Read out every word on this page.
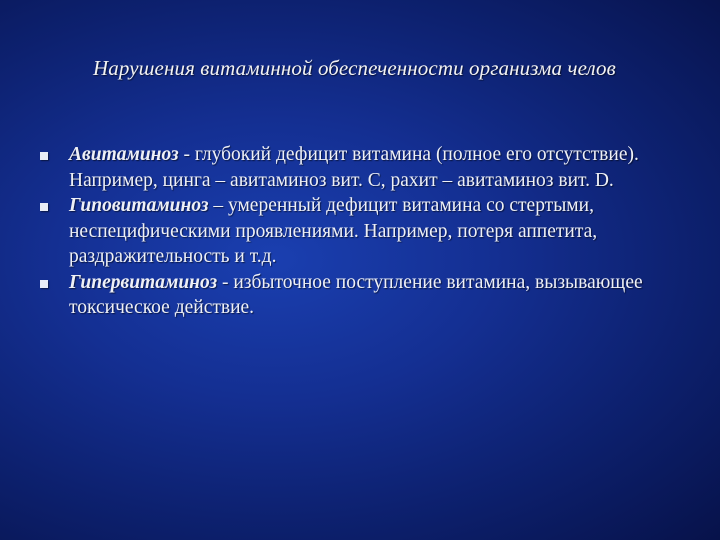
Нарушения витаминной обеспеченности организма челов
Авитаминоз - глубокий дефицит витамина (полное его отсутствие). Например, цинга – авитаминоз вит. С, рахит – авитаминоз вит. D.
Гиповитаминоз – умеренный дефицит витамина со стертыми, неспецифическими проявлениями. Например, потеря аппетита, раздражительность и т.д.
Гипервитаминоз - избыточное поступление витамина, вызывающее токсическое действие.
